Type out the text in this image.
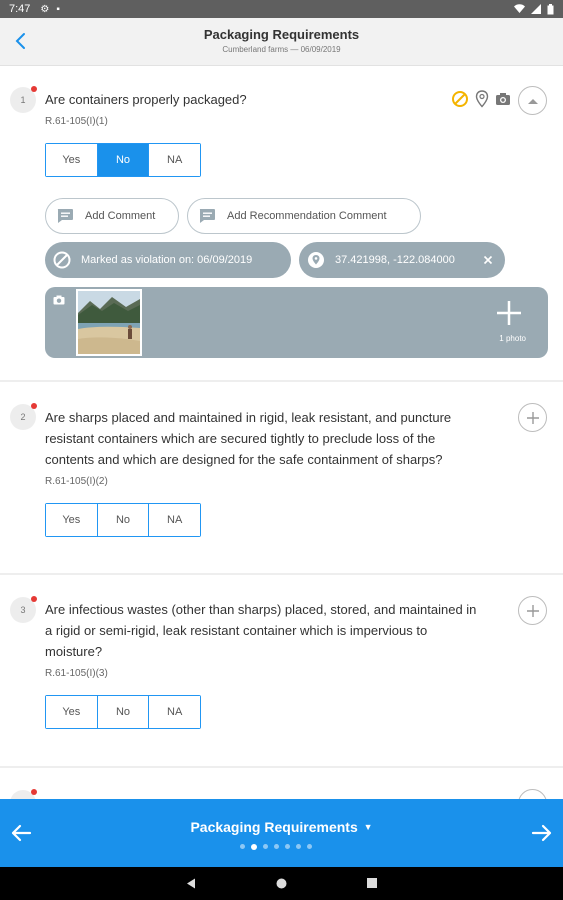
7:47 ⚙ ▪
Packaging Requirements
Cumberland farms — 06/09/2019
1	Are containers properly packaged?
R.61-105(I)(1)
Yes	No	NA
Add Comment	Add Recommendation Comment
Marked as violation on: 06/09/2019	37.421998, -122.084000
1 photo
2	Are sharps placed and maintained in rigid, leak resistant, and puncture resistant containers which are secured tightly to preclude loss of the contents and which are designed for the safe containment of sharps?
R.61-105(I)(2)
Yes	No	NA
3	Are infectious wastes (other than sharps) placed, stored, and maintained in a rigid or semi-rigid, leak resistant container which is impervious to moisture?
R.61-105(I)(3)
Yes	No	NA
Packaging Requirements ▼
